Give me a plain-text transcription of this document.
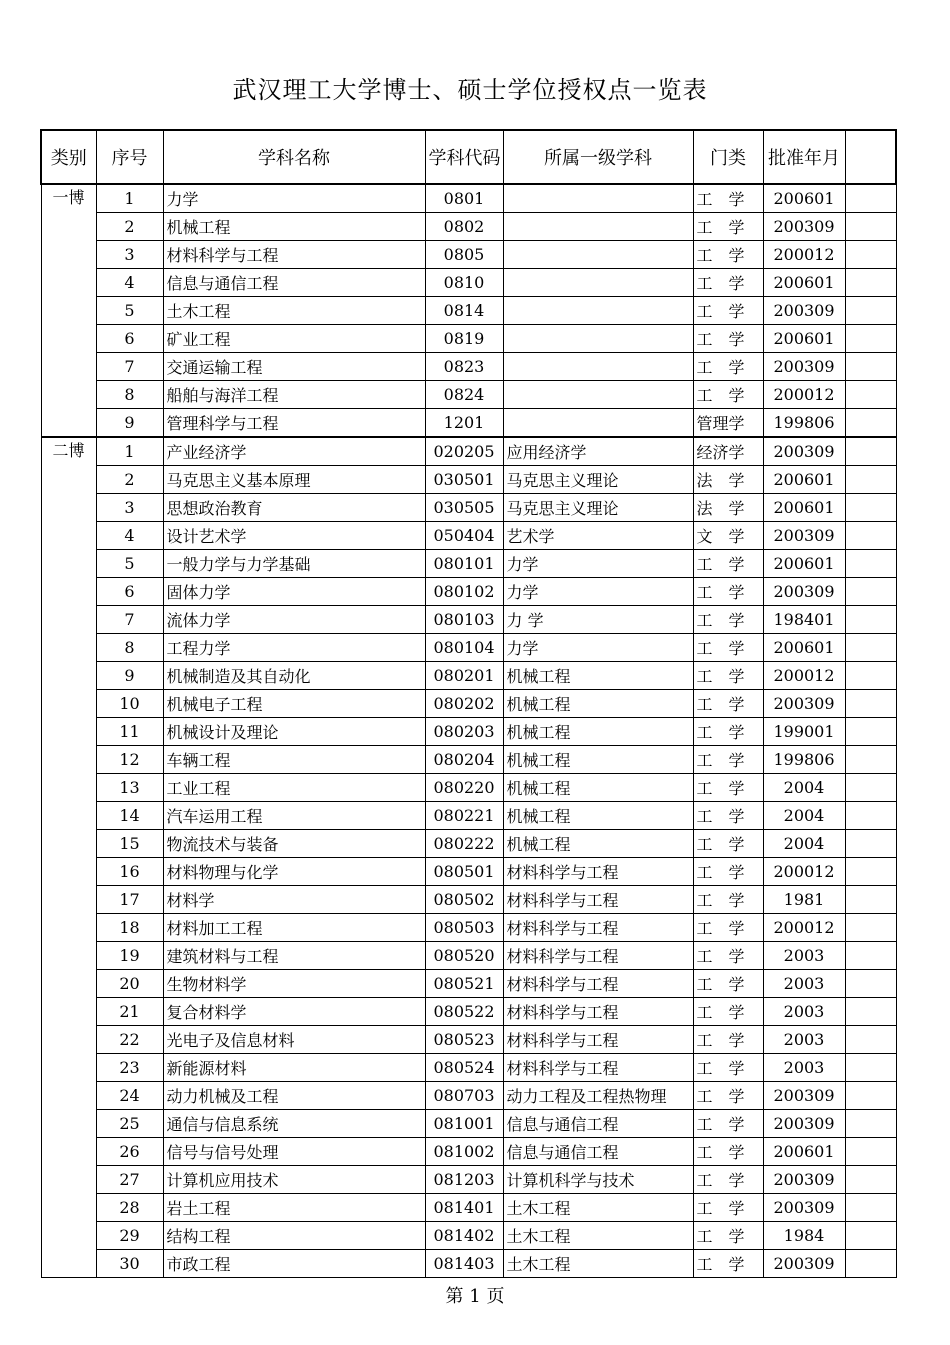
武汉理工大学博士、硕士学位授权点一览表
类别	序号	学科名称	学科代码	所属一级学科	门类	批准年月	
一博	1	力学	0801		工　学	200601	
	2	机械工程	0802		工　学	200309	
	3	材料科学与工程	0805		工　学	200012	
	4	信息与通信工程	0810		工　学	200601	
	5	土木工程	0814		工　学	200309	
	6	矿业工程	0819		工　学	200601	
	7	交通运输工程	0823		工　学	200309	
	8	船舶与海洋工程	0824		工　学	200012	
	9	管理科学与工程	1201		管理学	199806	
二博	1	产业经济学	020205	应用经济学	经济学	200309	
	2	马克思主义基本原理	030501	马克思主义理论	法　学	200601	
	3	思想政治教育	030505	马克思主义理论	法　学	200601	
	4	设计艺术学	050404	艺术学	文　学	200309	
	5	一般力学与力学基础	080101	力学	工　学	200601	
	6	固体力学	080102	力学	工　学	200309	
	7	流体力学	080103	力 学	工　学	198401	
	8	工程力学	080104	力学	工　学	200601	
	9	机械制造及其自动化	080201	机械工程	工　学	200012	
	10	机械电子工程	080202	机械工程	工　学	200309	
	11	机械设计及理论	080203	机械工程	工　学	199001	
	12	车辆工程	080204	机械工程	工　学	199806	
	13	工业工程	080220	机械工程	工　学	2004	
	14	汽车运用工程	080221	机械工程	工　学	2004	
	15	物流技术与装备	080222	机械工程	工　学	2004	
	16	材料物理与化学	080501	材料科学与工程	工　学	200012	
	17	材料学	080502	材料科学与工程	工　学	1981	
	18	材料加工工程	080503	材料科学与工程	工　学	200012	
	19	建筑材料与工程	080520	材料科学与工程	工　学	2003	
	20	生物材料学	080521	材料科学与工程	工　学	2003	
	21	复合材料学	080522	材料科学与工程	工　学	2003	
	22	光电子及信息材料	080523	材料科学与工程	工　学	2003	
	23	新能源材料	080524	材料科学与工程	工　学	2003	
	24	动力机械及工程	080703	动力工程及工程热物理	工　学	200309	
	25	通信与信息系统	081001	信息与通信工程	工　学	200309	
	26	信号与信号处理	081002	信息与通信工程	工　学	200601	
	27	计算机应用技术	081203	计算机科学与技术	工　学	200309	
	28	岩土工程	081401	土木工程	工　学	200309	
	29	结构工程	081402	土木工程	工　学	1984	
	30	市政工程	081403	土木工程	工　学	200309	
第 1 页
